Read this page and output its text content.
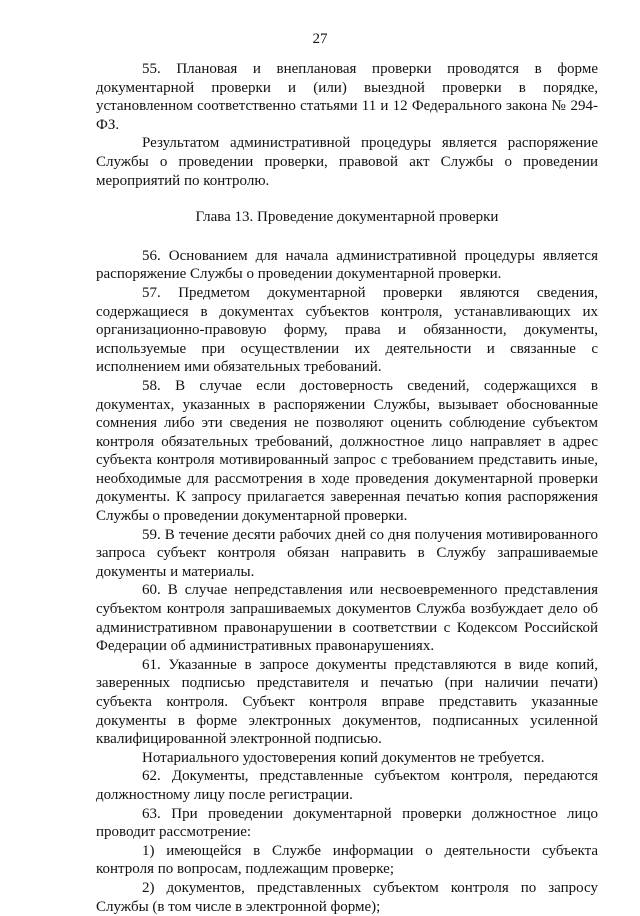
27

55. Плановая и внеплановая проверки проводятся в форме документарной проверки и (или) выездной проверки в порядке, установленном соответственно статьями 11 и 12 Федерального закона № 294-ФЗ.

Результатом административной процедуры является распоряжение Службы о проведении проверки, правовой акт Службы о проведении мероприятий по контролю.

Глава 13. Проведение документарной проверки

56. Основанием для начала административной процедуры является распоряжение Службы о проведении документарной проверки.

57. Предметом документарной проверки являются сведения, содержащиеся в документах субъектов контроля, устанавливающих их организационно-правовую форму, права и обязанности, документы, используемые при осуществлении их деятельности и связанные с исполнением ими обязательных требований.

58. В случае если достоверность сведений, содержащихся в документах, указанных в распоряжении Службы, вызывает обоснованные сомнения либо эти сведения не позволяют оценить соблюдение субъектом контроля обязательных требований, должностное лицо направляет в адрес субъекта контроля мотивированный запрос с требованием представить иные, необходимые для рассмотрения в ходе проведения документарной проверки документы. К запросу прилагается заверенная печатью копия распоряжения Службы о проведении документарной проверки.

59. В течение десяти рабочих дней со дня получения мотивированного запроса субъект контроля обязан направить в Службу запрашиваемые документы и материалы.

60. В случае непредставления или несвоевременного представления субъектом контроля запрашиваемых документов Служба возбуждает дело об административном правонарушении в соответствии с Кодексом Российской Федерации об административных правонарушениях.

61. Указанные в запросе документы представляются в виде копий, заверенных подписью представителя и печатью (при наличии печати) субъекта контроля. Субъект контроля вправе представить указанные документы в форме электронных документов, подписанных усиленной квалифицированной электронной подписью.

Нотариального удостоверения копий документов не требуется.

62. Документы, представленные субъектом контроля, передаются должностному лицу после регистрации.

63. При проведении документарной проверки должностное лицо проводит рассмотрение:

1) имеющейся в Службе информации о деятельности субъекта контроля по вопросам, подлежащим проверке;

2) документов, представленных субъектом контроля по запросу Службы (в том числе в электронной форме);
